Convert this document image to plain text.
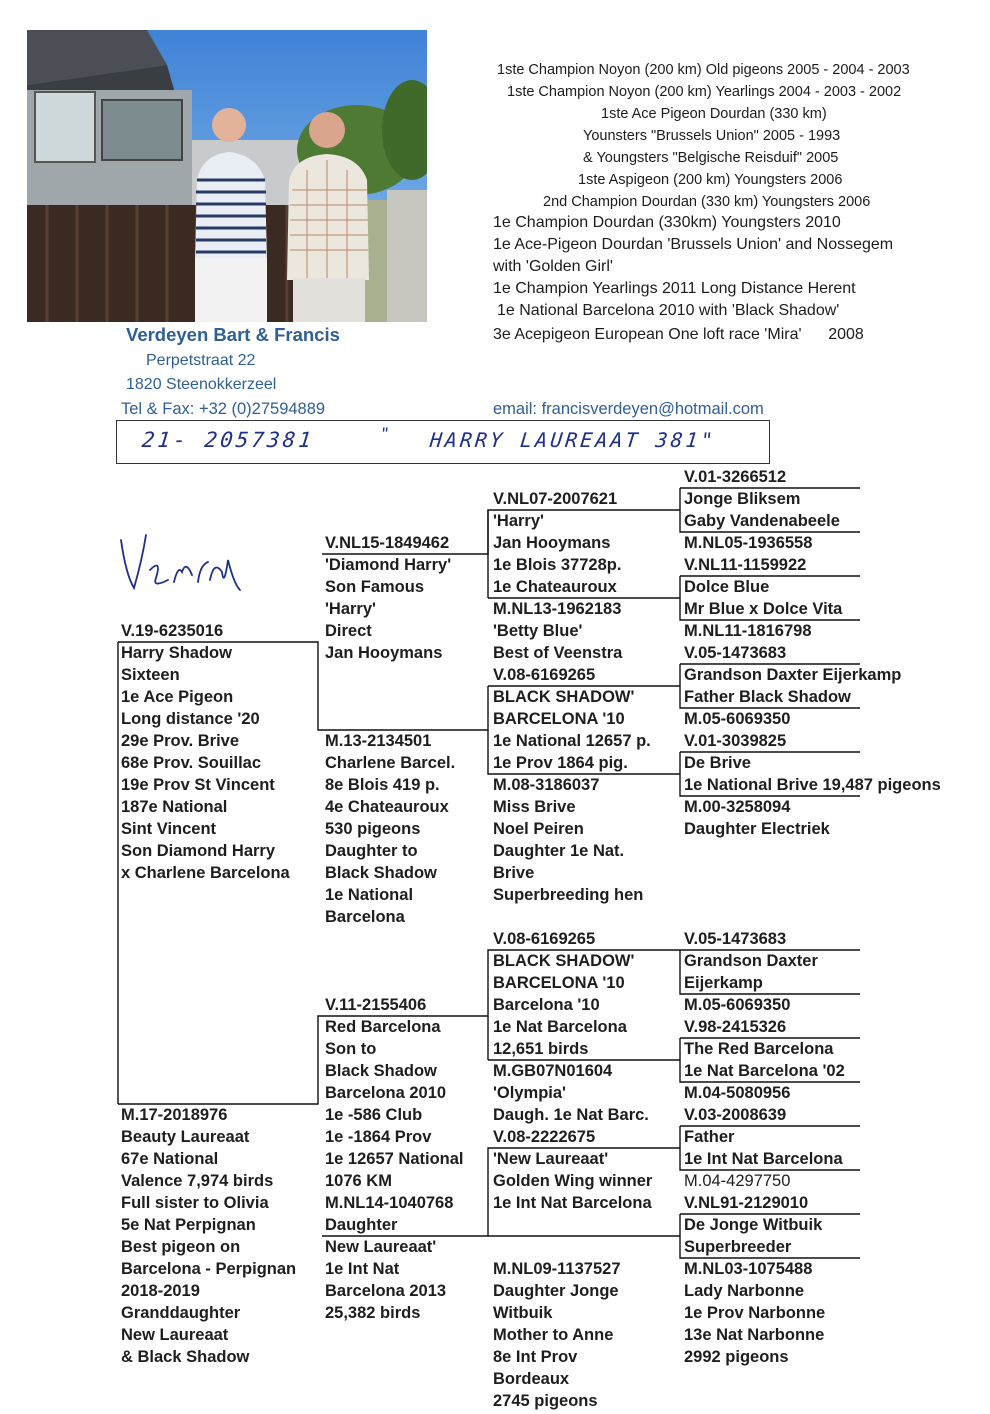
1ste Champion Noyon (200 km) Old pigeons 2005 - 2004 - 2003
1ste Champion Noyon (200 km) Yearlings 2004 - 2003 - 2002
1ste Ace Pigeon Dourdan (330 km)
Younsters "Brussels Union" 2005 - 1993
& Youngsters "Belgische Reisduif" 2005
1ste Aspigeon (200 km) Youngsters 2006
2nd Champion Dourdan (330 km) Youngsters 2006
1e Champion Dourdan (330km) Youngsters 2010
1e Ace-Pigeon Dourdan 'Brussels Union' and Nossegem
with 'Golden Girl'
1e Champion Yearlings 2011 Long Distance Herent
1e National Barcelona 2010 with 'Black Shadow'
3e Acepigeon European One loft race 'Mira'      2008
Verdeyen Bart & Francis
Perpetstraat 22
1820 Steenokkerzeel
Tel & Fax: +32 (0)27594889	email: francisverdeyen@hotmail.com
21- 2057381	" HARRY LAUREAAT 381"
V.19-6235016
Harry Shadow
Sixteen
1e Ace Pigeon
Long distance '20
29e Prov. Brive
68e Prov. Souillac
19e Prov St Vincent
187e National
Sint Vincent
Son Diamond Harry
x Charlene Barcelona
M.17-2018976
Beauty Laureaat
67e National
Valence 7,974 birds
Full sister to Olivia
5e Nat Perpignan
Best pigeon on
Barcelona - Perpignan
2018-2019
Granddaughter
New Laureaat
& Black Shadow
V.NL15-1849462
'Diamond Harry'
Son Famous
'Harry'
Direct
Jan Hooymans
M.13-2134501
Charlene Barcel.
8e Blois 419 p.
4e Chateauroux
530 pigeons
Daughter to
Black Shadow
1e National
Barcelona
V.11-2155406
Red Barcelona
Son to
Black Shadow
Barcelona 2010
1e -586 Club
1e -1864 Prov
1e 12657 National
1076 KM
M.NL14-1040768
Daughter
New Laureaat'
1e Int Nat
Barcelona 2013
25,382 birds
V.NL07-2007621
'Harry'
Jan Hooymans
1e Blois 37728p.
1e Chateauroux
M.NL13-1962183
'Betty Blue'
Best of Veenstra
V.08-6169265
BLACK SHADOW'
BARCELONA '10
1e National 12657 p.
1e Prov 1864 pig.
M.08-3186037
Miss Brive
Noel Peiren
Daughter 1e Nat.
Brive
Superbreeding hen
V.08-6169265
BLACK SHADOW'
BARCELONA '10
Barcelona '10
1e Nat Barcelona
12,651 birds
M.GB07N01604
'Olympia'
Daugh. 1e Nat Barc.
V.08-2222675
'New Laureaat'
Golden Wing winner
1e Int Nat Barcelona
M.NL09-1137527
Daughter Jonge
Witbuik
Mother to Anne
8e Int Prov
Bordeaux
2745 pigeons
V.01-3266512
Jonge Bliksem
Gaby Vandenabeele
M.NL05-1936558
V.NL11-1159922
Dolce Blue
Mr Blue x Dolce Vita
M.NL11-1816798
V.05-1473683
Grandson Daxter Eijerkamp
Father Black Shadow
M.05-6069350
V.01-3039825
De Brive
1e National Brive 19,487 pigeons
M.00-3258094
Daughter Electriek
V.05-1473683
Grandson Daxter
Eijerkamp
M.05-6069350
V.98-2415326
The Red Barcelona
1e Nat Barcelona '02
M.04-5080956
V.03-2008639
Father
1e Int Nat Barcelona
M.04-4297750
V.NL91-2129010
De Jonge Witbuik
Superbreeder
M.NL03-1075488
Lady Narbonne
1e Prov Narbonne
13e Nat Narbonne
2992 pigeons
